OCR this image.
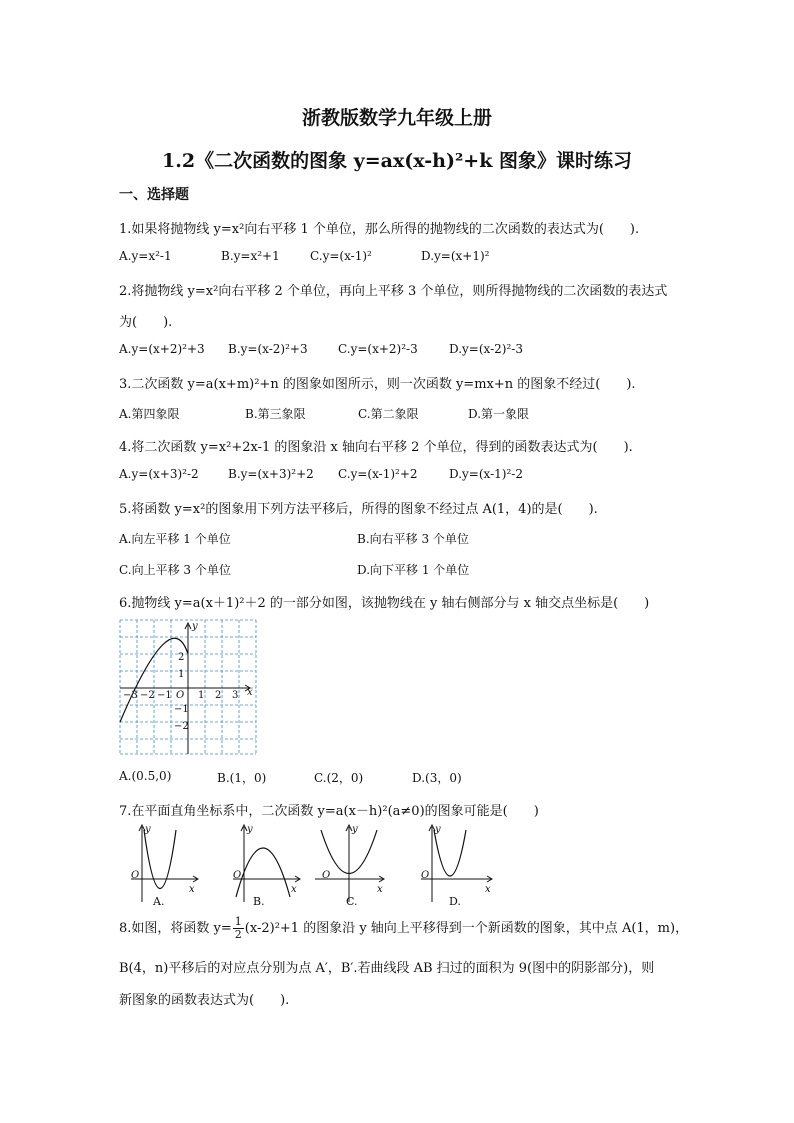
浙教版数学九年级上册
1.2《二次函数的图象 y=ax(x-h)²+k 图象》课时练习
一、选择题
1.如果将抛物线 y=x²向右平移 1 个单位，那么所得的抛物线的二次函数的表达式为(　　).
A.y=x²-1	B.y=x²+1	C.y=(x-1)²	D.y=(x+1)²
2.将抛物线 y=x²向右平移 2 个单位，再向上平移 3 个单位，则所得抛物线的二次函数的表达式
为(　　).
A.y=(x+2)²+3 B.y=(x-2)²+3	C.y=(x+2)²-3	D.y=(x-2)²-3
3.二次函数 y=a(x+m)²+n 的图象如图所示，则一次函数 y=mx+n 的图象不经过(　　).
A.第四象限	B.第三象限	C.第二象限	D.第一象限
4.将二次函数 y=x²+2x-1 的图象沿 x 轴向右平移 2 个单位，得到的函数表达式为(　　).
A.y=(x+3)²-2 B.y=(x+3)²+2 C.y=(x-1)²+2	D.y=(x-1)²-2
5.将函数 y=x²的图象用下列方法平移后，所得的图象不经过点 A(1，4)的是(　　).
A.向左平移 1 个单位	B.向右平移 3 个单位
C.向上平移 3 个单位	D.向下平移 1 个单位
6.抛物线 y=a(x＋1)²＋2 的一部分如图，该抛物线在 y 轴右侧部分与 x 轴交点坐标是(　　)
−3 −2 −1 O 1 2 3 x
2
1
−1
−2
y
A.(0.5,0)	B.(1，0)	C.(2，0)	D.(3，0)
7.在平面直角坐标系中，二次函数 y=a(x－h)²(a≠0)的图象可能是(　　)
y
O
x
y
O
x
y
O
x
y
O
x
A.	B.	C.	D.
8.如图，将函数 $y= \frac{1}{2} (x-2)^2+1$ 的图象沿 y 轴向上平移得到一个新函数的图象，其中点 A(1，m)，
B(4，n)平移后的对应点分别为点 A′，B′.若曲线段 AB 扫过的面积为 9(图中的阴影部分)，则
新图象的函数表达式为(　　).
